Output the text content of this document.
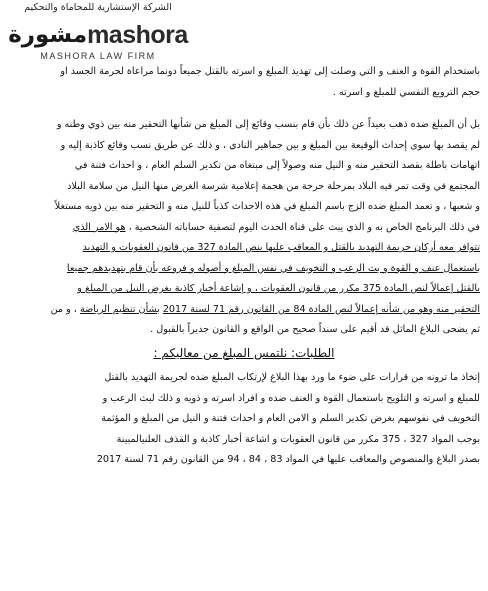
الشركة الإستشارية للمحاماة والتحكيم
مشورة mashora
MASHORA LAW FIRM

باستخدام القوة و العنف و التي وصلت إلى تهديد المبلغ و اسرته بالقتل جميعاً دونما مراعاة لحرمة الجسد او

حجم الترويع النفسي للمبلغ و اسرته .

بل أن المبلغ ضده ذهب بعيداً عن ذلك بأن قام بنسب وقائع إلى المبلغ من شأنها التحقير منه بين ذوي وطنه و

لم يقصد بها سوى إحداث الوقيعة بين المبلغ و بين جماهير النادي ، و ذلك عن طريق نسب وقائع كاذبة إليه و

اتهامات باطلة بقصد التحقير منه و النيل منه وصولاً إلى مبتغاه من تكدير السلم العام ، و احداث فتنة في

المجتمع في وقت تمر فيه البلاد بمرحلة حرجة من هجمة إعلامية شرسة الغرض منها النيل من سلامة البلاد

و شعبها ، و تعمد المبلغ ضده الزج باسم المبلغ في هذه الاحداث كذباً للنيل منه و التحقير منه بين ذويه مستغلاً

في ذلك البرنامج الخاص به و الذي يبث على قناة الحدث اليوم لتصفية حساباته الشخصية ، هو الامر الذي

تتوافر معه أركان جريمة التهديد بالقتل و المعاقب عليها بنص المادة 327 من قانون العقوبات و التهديد

باستعمال عنف و القوة و بث الرعب و التخويف في نفس المبلغ و أصوله و فروعه بأن قام بتهديدهم جميعا

بالقتل إعمالاً لنص المادة 375 مكرر من قانون العقوبات ، و إشاعة أخبار كاذبة بغرض النيل من المبلغ و

التحقير منه وهو من شأنه إعمالاً لنص المادة 84 من القانون رقم 71 لسنة 2017 بشأن تنظيم الرياضة ، و من

ثم يضحى البلاغ الماثل قد أقيم على سنداً صحيح من الواقع و القانون جديراً بالقبول .

الطلبات: نلتمس المبلغ من معاليكم :

إتخاذ ما ترونه من قرارات على ضوء ما ورد بهذا البلاغ لإرتكاب المبلغ ضده لجريمة التهديد بالقتل

للمبلغ و اسرته و التلويح باستعمال القوة و العنف ضده و افراد اسرته و ذويه و ذلك لبث الرعب و

التخويف في نفوسهم بغرض تكدير السلم و الامن العام و احداث فتنة و النيل من المبلغ و المؤثمة

بوجب المواد 327 ، 375 مكرر من قانون العقوبات و اشاعة أخبار كاذبة و القذف العلنيالمبينة

بصدر البلاغ والمنصوص والمعاقب عليها في المواد 83 ، 84 ، 94 من القانون رقم 71 لسنة 2017
